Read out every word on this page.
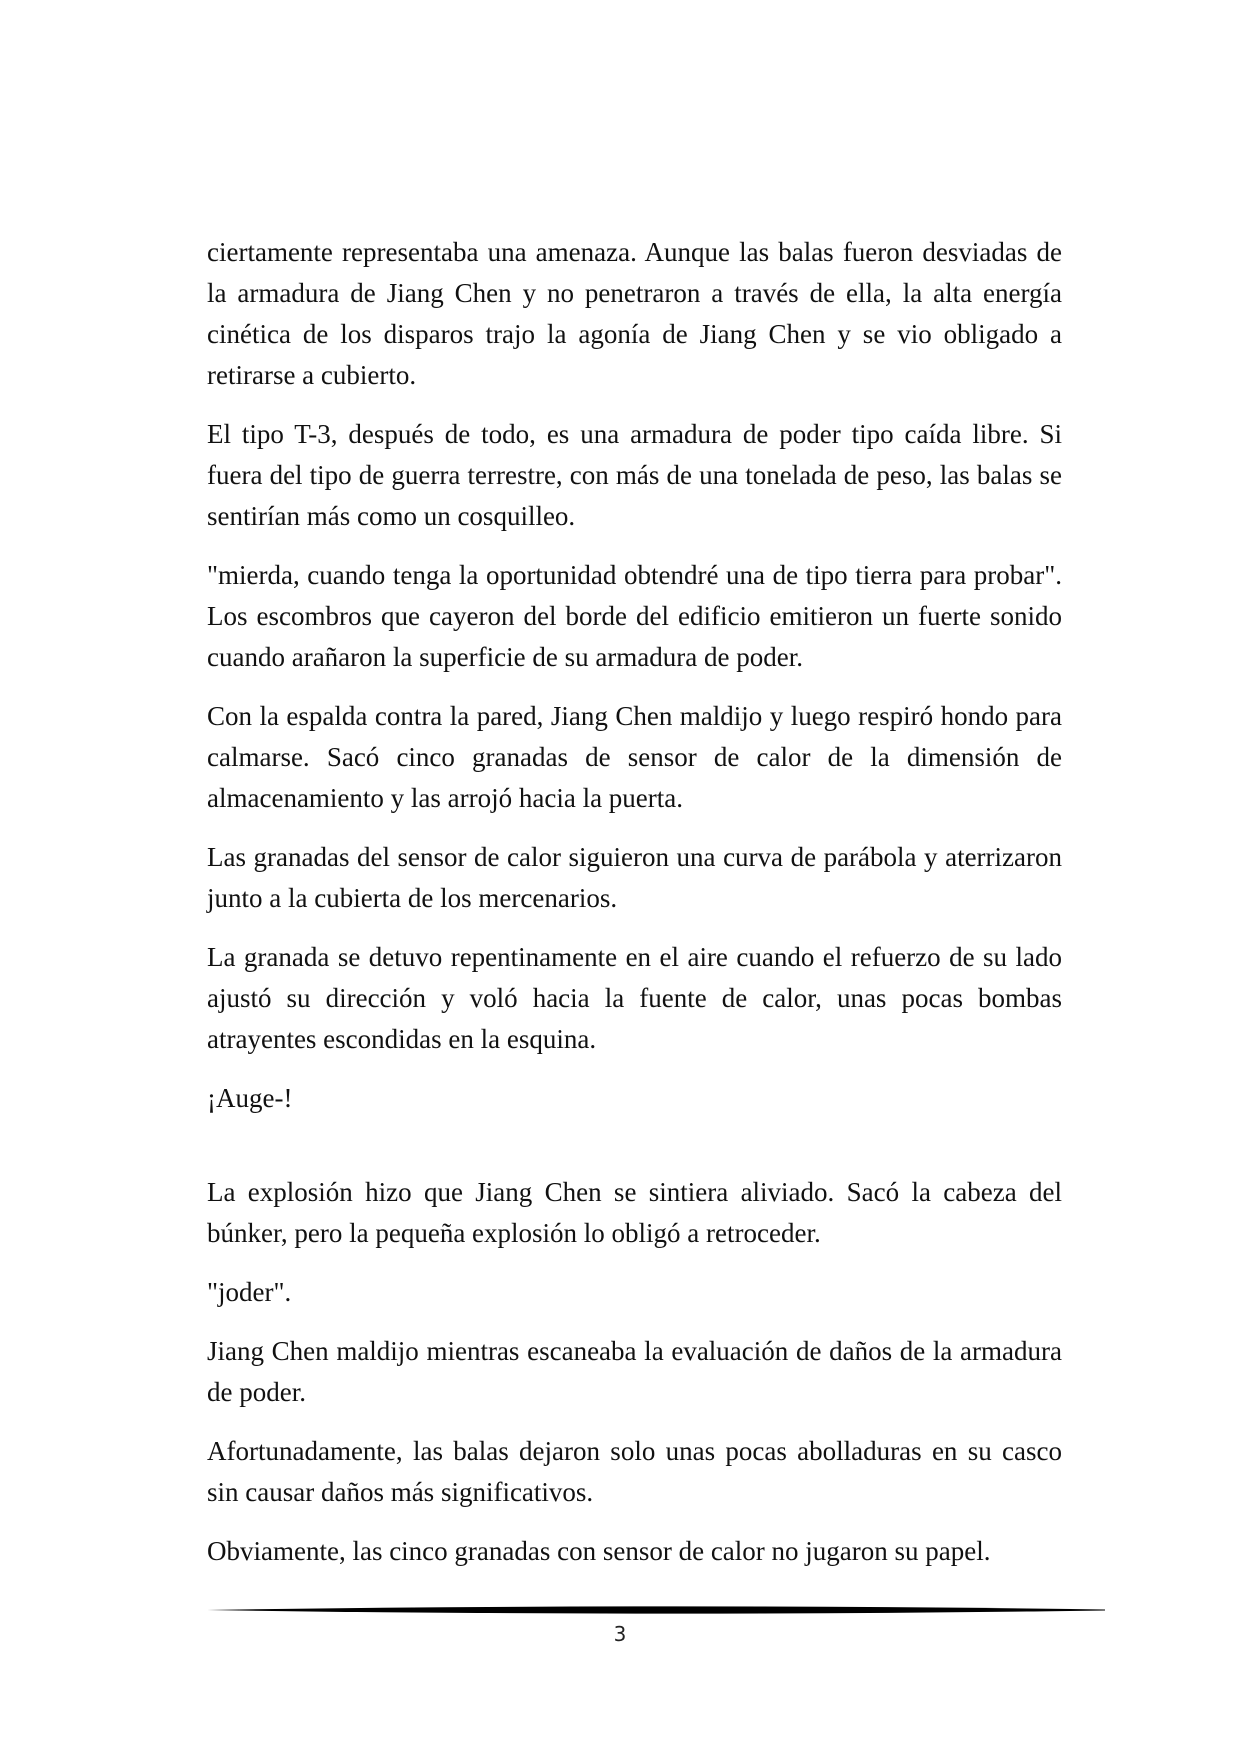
ciertamente representaba una amenaza. Aunque las balas fueron desviadas de la armadura de Jiang Chen y no penetraron a través de ella, la alta energía cinética de los disparos trajo la agonía de Jiang Chen y se vio obligado a retirarse a cubierto.

El tipo T-3, después de todo, es una armadura de poder tipo caída libre. Si fuera del tipo de guerra terrestre, con más de una tonelada de peso, las balas se sentirían más como un cosquilleo.

"mierda, cuando tenga la oportunidad obtendré una de tipo tierra para probar". Los escombros que cayeron del borde del edificio emitieron un fuerte sonido cuando arañaron la superficie de su armadura de poder.

Con la espalda contra la pared, Jiang Chen maldijo y luego respiró hondo para calmarse. Sacó cinco granadas de sensor de calor de la dimensión de almacenamiento y las arrojó hacia la puerta.

Las granadas del sensor de calor siguieron una curva de parábola y aterrizaron junto a la cubierta de los mercenarios.

La granada se detuvo repentinamente en el aire cuando el refuerzo de su lado ajustó su dirección y voló hacia la fuente de calor, unas pocas bombas atrayentes escondidas en la esquina.

¡Auge-!

La explosión hizo que Jiang Chen se sintiera aliviado. Sacó la cabeza del búnker, pero la pequeña explosión lo obligó a retroceder.

"joder".

Jiang Chen maldijo mientras escaneaba la evaluación de daños de la armadura de poder.

Afortunadamente, las balas dejaron solo unas pocas abolladuras en su casco sin causar daños más significativos.

Obviamente, las cinco granadas con sensor de calor no jugaron su papel.

3
